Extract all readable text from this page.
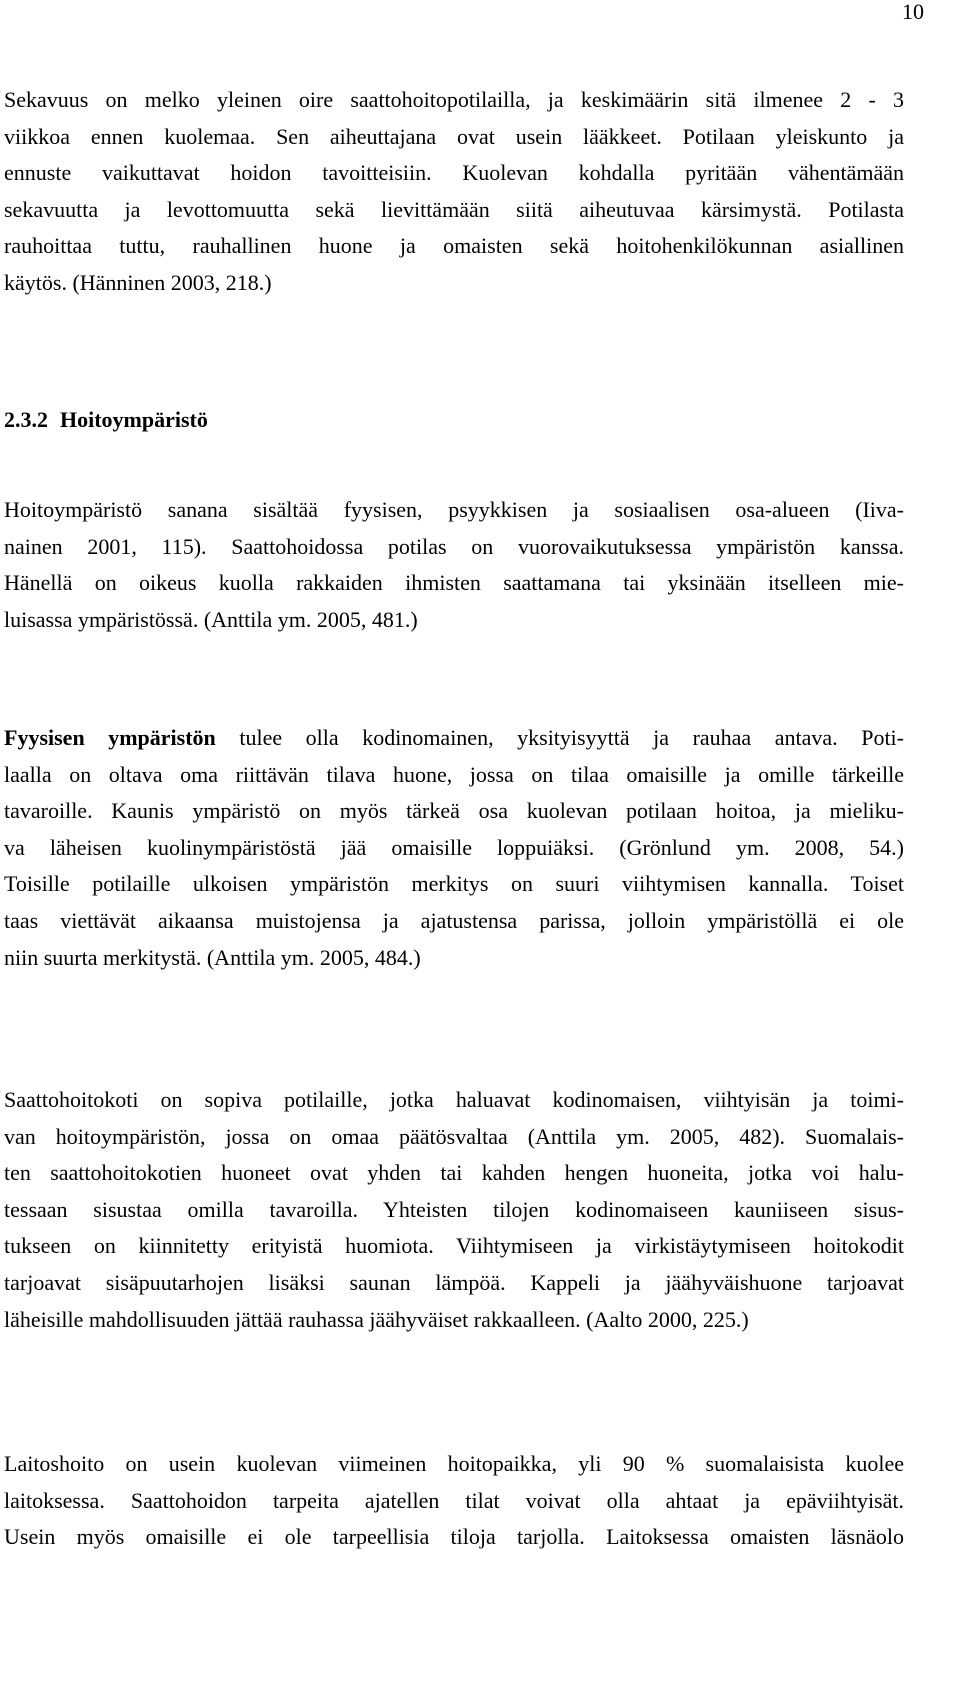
10
Sekavuus on melko yleinen oire saattohoitopotilailla, ja keskimäärin sitä ilmenee 2 - 3
viikkoa ennen kuolemaa. Sen aiheuttajana ovat usein lääkkeet. Potilaan yleiskunto ja
ennuste vaikuttavat hoidon tavoitteisiin. Kuolevan kohdalla pyritään vähentämään
sekavuutta ja levottomuutta sekä lievittämään siitä aiheutuvaa kärsimystä. Potilasta
rauhoittaa tuttu, rauhallinen huone ja omaisten sekä hoitohenkilökunnan asiallinen
käytös. (Hänninen 2003, 218.)
2.3.2 Hoitoympäristö
Hoitoympäristö sanana sisältää fyysisen, psyykkisen ja sosiaalisen osa-alueen (Iiva-
nainen 2001, 115). Saattohoidossa potilas on vuorovaikutuksessa ympäristön kanssa.
Hänellä on oikeus kuolla rakkaiden ihmisten saattamana tai yksinään itselleen mie-
luisassa ympäristössä. (Anttila ym. 2005, 481.)
Fyysisen ympäristön tulee olla kodinomainen, yksityisyyttä ja rauhaa antava. Poti-
laalla on oltava oma riittävän tilava huone, jossa on tilaa omaisille ja omille tärkeille
tavaroille. Kaunis ympäristö on myös tärkeä osa kuolevan potilaan hoitoa, ja mieliku-
va läheisen kuolinympäristöstä jää omaisille loppuiäksi. (Grönlund ym. 2008, 54.)
Toisille potilaille ulkoisen ympäristön merkitys on suuri viihtymisen kannalla. Toiset
taas viettävät aikaansa muistojensa ja ajatustensa parissa, jolloin ympäristöllä ei ole
niin suurta merkitystä. (Anttila ym. 2005, 484.)
Saattohoitokoti on sopiva potilaille, jotka haluavat kodinomaisen, viihtyisän ja toimi-
van hoitoympäristön, jossa on omaa päätösvaltaa (Anttila ym. 2005, 482). Suomalais-
ten saattohoitokotien huoneet ovat yhden tai kahden hengen huoneita, jotka voi halu-
tessaan sisustaa omilla tavaroilla. Yhteisten tilojen kodinomaiseen kauniiseen sisus-
tukseen on kiinnitetty erityistä huomiota. Viihtymiseen ja virkistäytymiseen hoitokodit
tarjoavat sisäpuutarhojen lisäksi saunan lämpöä. Kappeli ja jäähyväishuone tarjoavat
läheisille mahdollisuuden jättää rauhassa jäähyväiset rakkaalleen. (Aalto 2000, 225.)
Laitoshoito on usein kuolevan viimeinen hoitopaikka, yli 90 % suomalaisista kuolee
laitoksessa. Saattohoidon tarpeita ajatellen tilat voivat olla ahtaat ja epäviihtyisät.
Usein myös omaisille ei ole tarpeellisia tiloja tarjolla. Laitoksessa omaisten läsnäolo
